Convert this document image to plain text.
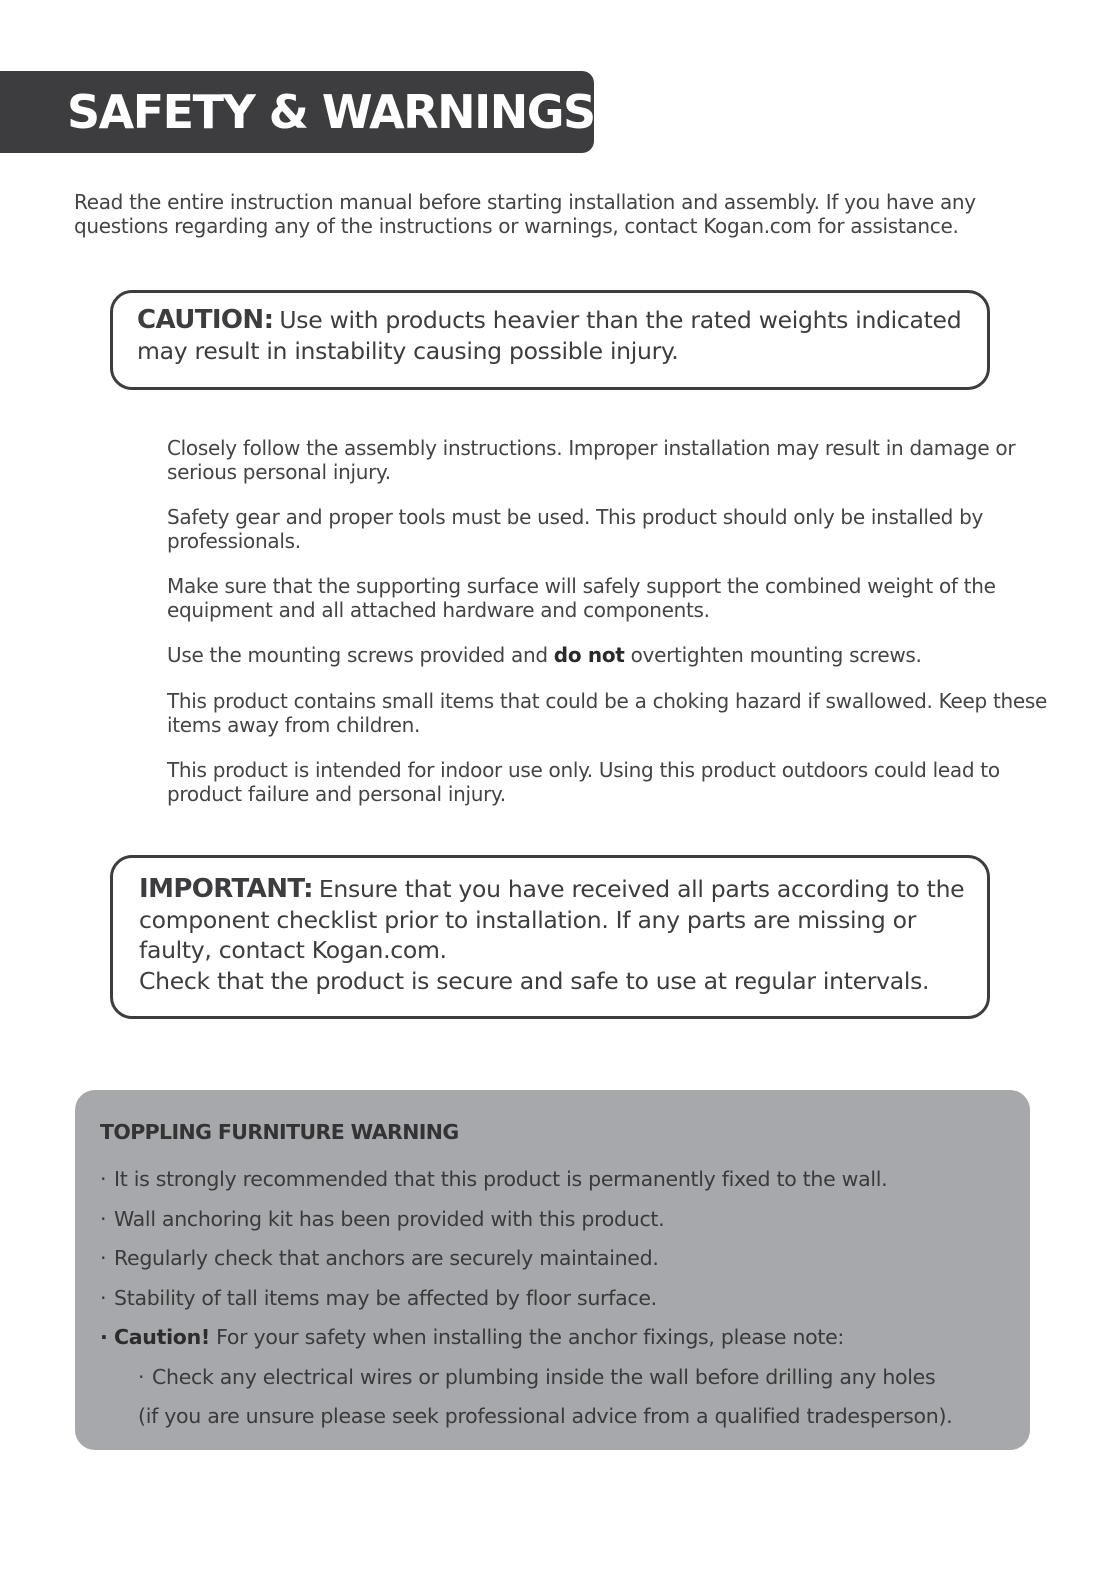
SAFETY & WARNINGS

Read the entire instruction manual before starting installation and assembly. If you have any questions regarding any of the instructions or warnings, contact Kogan.com for assistance.

CAUTION: Use with products heavier than the rated weights indicated may result in instability causing possible injury.

Closely follow the assembly instructions. Improper installation may result in damage or serious personal injury.
Safety gear and proper tools must be used. This product should only be installed by professionals.
Make sure that the supporting surface will safely support the combined weight of the equipment and all attached hardware and components.
Use the mounting screws provided and do not overtighten mounting screws.
This product contains small items that could be a choking hazard if swallowed. Keep these items away from children.
This product is intended for indoor use only. Using this product outdoors could lead to product failure and personal injury.

IMPORTANT: Ensure that you have received all parts according to the component checklist prior to installation. If any parts are missing or faulty, contact Kogan.com.

Check that the product is secure and safe to use at regular intervals.

TOPPLING FURNITURE WARNING
· It is strongly recommended that this product is permanently fixed to the wall.
· Wall anchoring kit has been provided with this product.
· Regularly check that anchors are securely maintained.
· Stability of tall items may be affected by floor surface.
· Caution! For your safety when installing the anchor fixings, please note:
· Check any electrical wires or plumbing inside the wall before drilling any holes
(if you are unsure please seek professional advice from a qualified tradesperson).
